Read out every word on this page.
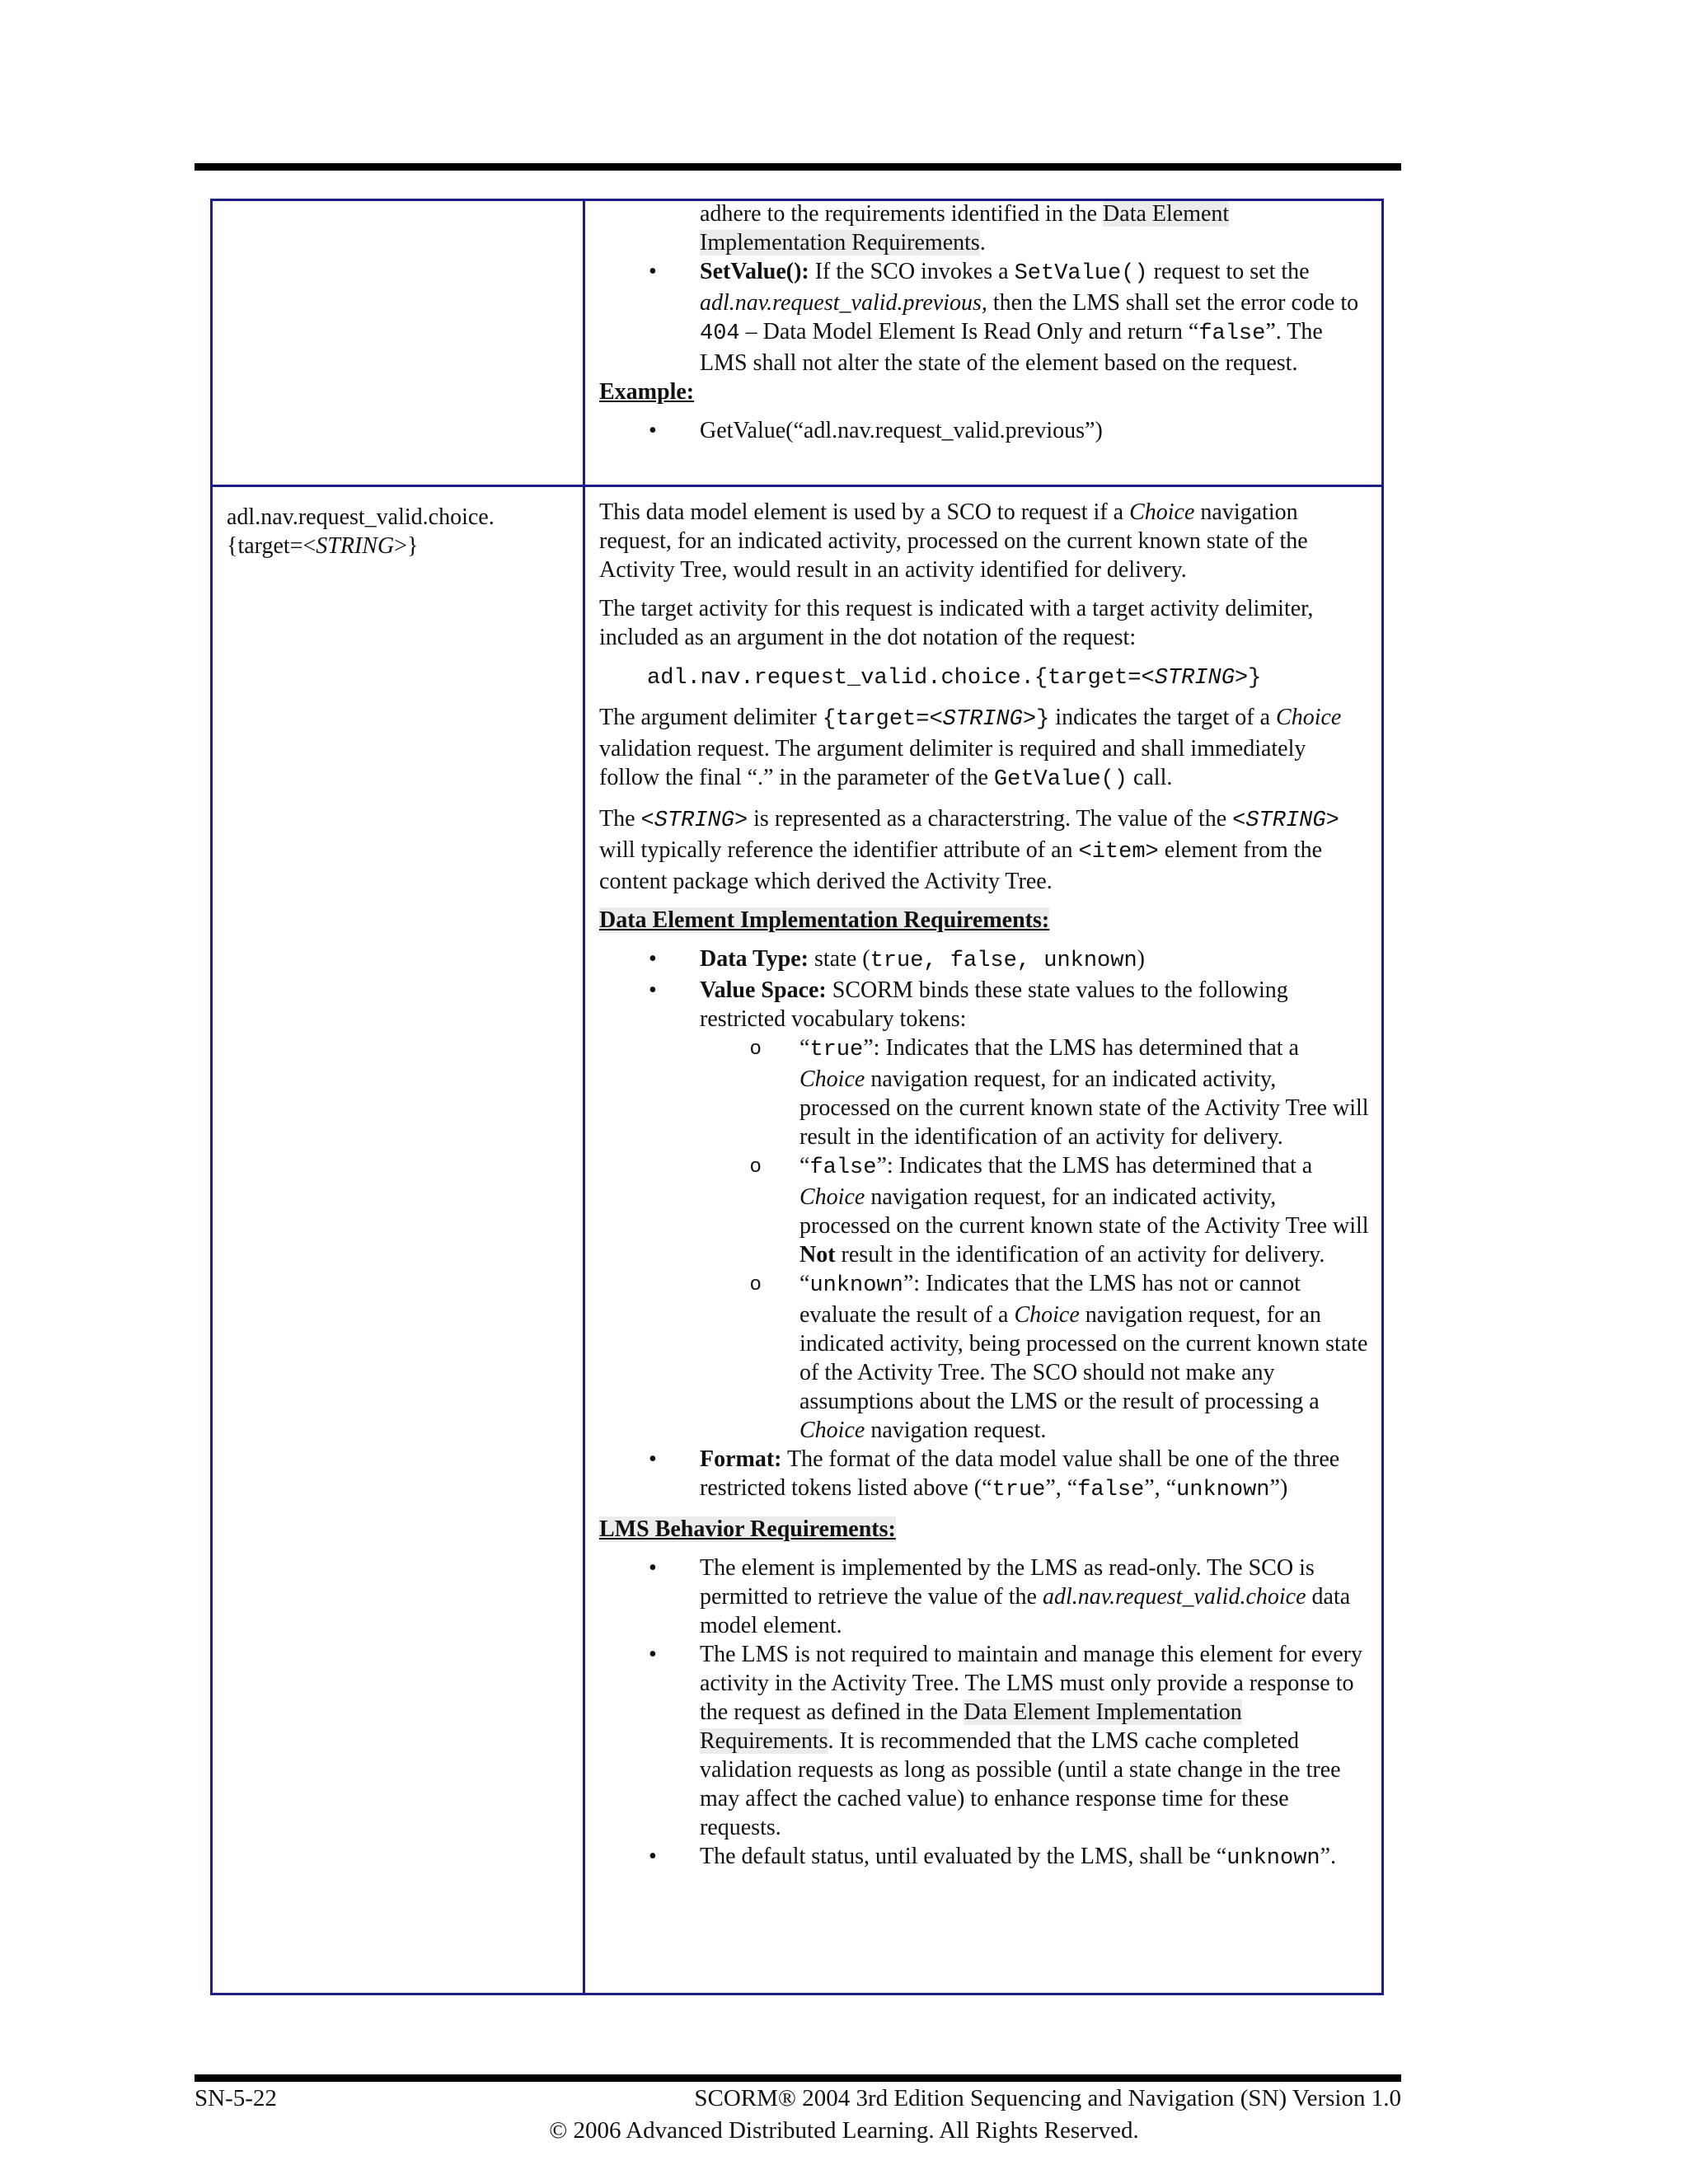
adhere to the requirements identified in the Data Element Implementation Requirements.

• SetValue(): If the SCO invokes a SetValue() request to set the adl.nav.request_valid.previous, then the LMS shall set the error code to 404 – Data Model Element Is Read Only and return “false”. The LMS shall not alter the state of the element based on the request.

Example:

• GetValue(“adl.nav.request_valid.previous”)

adl.nav.request_valid.choice.{target=<STRING>}

This data model element is used by a SCO to request if a Choice navigation request, for an indicated activity, processed on the current known state of the Activity Tree, would result in an activity identified for delivery.

The target activity for this request is indicated with a target activity delimiter, included as an argument in the dot notation of the request:

adl.nav.request_valid.choice.{target=<STRING>}

The argument delimiter {target=<STRING>} indicates the target of a Choice validation request. The argument delimiter is required and shall immediately follow the final “.” in the parameter of the GetValue() call.

The <STRING> is represented as a characterstring. The value of the <STRING> will typically reference the identifier attribute of an <item> element from the content package which derived the Activity Tree.

Data Element Implementation Requirements:

• Data Type: state (true, false, unknown)

• Value Space: SCORM binds these state values to the following restricted vocabulary tokens:

o “true”: Indicates that the LMS has determined that a Choice navigation request, for an indicated activity, processed on the current known state of the Activity Tree will result in the identification of an activity for delivery.

o “false”: Indicates that the LMS has determined that a Choice navigation request, for an indicated activity, processed on the current known state of the Activity Tree will Not result in the identification of an activity for delivery.

o “unknown”: Indicates that the LMS has not or cannot evaluate the result of a Choice navigation request, for an indicated activity, being processed on the current known state of the Activity Tree. The SCO should not make any assumptions about the LMS or the result of processing a Choice navigation request.

• Format: The format of the data model value shall be one of the three restricted tokens listed above (“true”, “false”, “unknown”)

LMS Behavior Requirements:

• The element is implemented by the LMS as read-only. The SCO is permitted to retrieve the value of the adl.nav.request_valid.choice data model element.

• The LMS is not required to maintain and manage this element for every activity in the Activity Tree. The LMS must only provide a response to the request as defined in the Data Element Implementation Requirements. It is recommended that the LMS cache completed validation requests as long as possible (until a state change in the tree may affect the cached value) to enhance response time for these requests.

• The default status, until evaluated by the LMS, shall be “unknown”.

SN-5-22	SCORM® 2004 3rd Edition Sequencing and Navigation (SN) Version 1.0
© 2006 Advanced Distributed Learning. All Rights Reserved.
